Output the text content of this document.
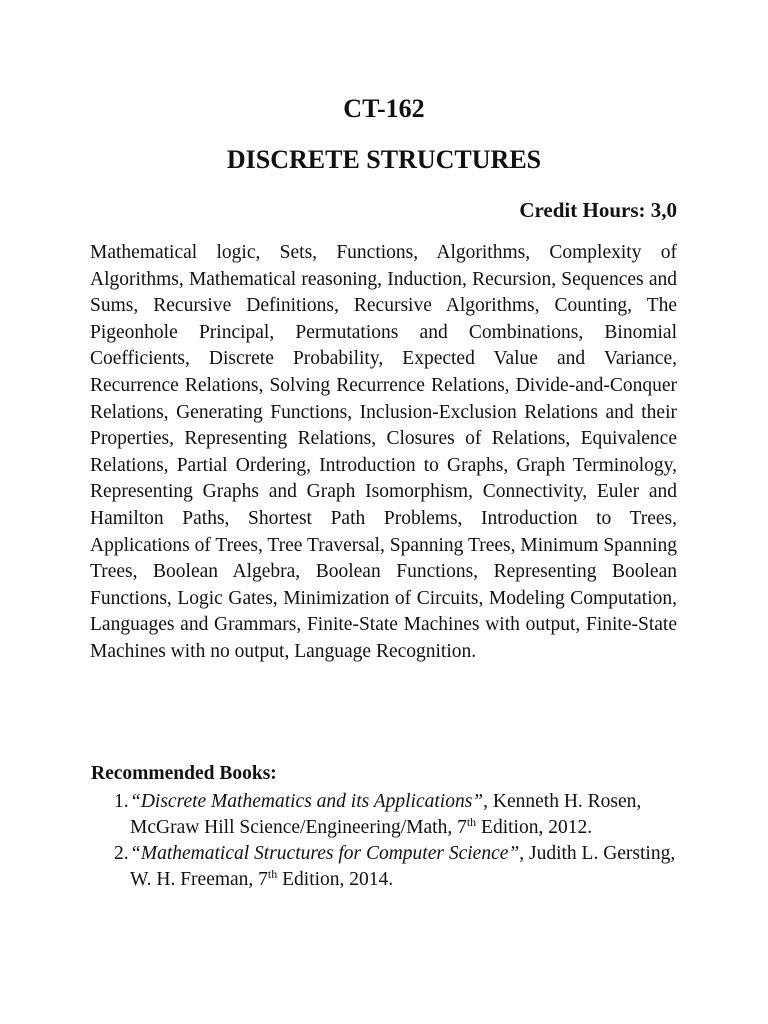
CT-162
DISCRETE STRUCTURES

Credit Hours: 3,0

Mathematical logic, Sets, Functions, Algorithms, Complexity of Algorithms, Mathematical reasoning, Induction, Recursion, Sequences and Sums, Recursive Definitions, Recursive Algorithms, Counting, The Pigeonhole Principal, Permutations and Combinations, Binomial Coefficients, Discrete Probability, Expected Value and Variance, Recurrence Relations, Solving Recurrence Relations, Divide-and-Conquer Relations, Generating Functions, Inclusion-Exclusion Relations and their Properties, Representing Relations, Closures of Relations, Equivalence Relations, Partial Ordering, Introduction to Graphs, Graph Terminology, Representing Graphs and Graph Isomorphism, Connectivity, Euler and Hamilton Paths, Shortest Path Problems, Introduction to Trees, Applications of Trees, Tree Traversal, Spanning Trees, Minimum Spanning Trees, Boolean Algebra, Boolean Functions, Representing Boolean Functions, Logic Gates, Minimization of Circuits, Modeling Computation, Languages and Grammars, Finite-State Machines with output, Finite-State Machines with no output, Language Recognition.

Recommended Books:

1. “Discrete Mathematics and its Applications”, Kenneth H. Rosen, McGraw Hill Science/Engineering/Math, 7th Edition, 2012.
2. “Mathematical Structures for Computer Science”, Judith L. Gersting, W. H. Freeman, 7th Edition, 2014.
